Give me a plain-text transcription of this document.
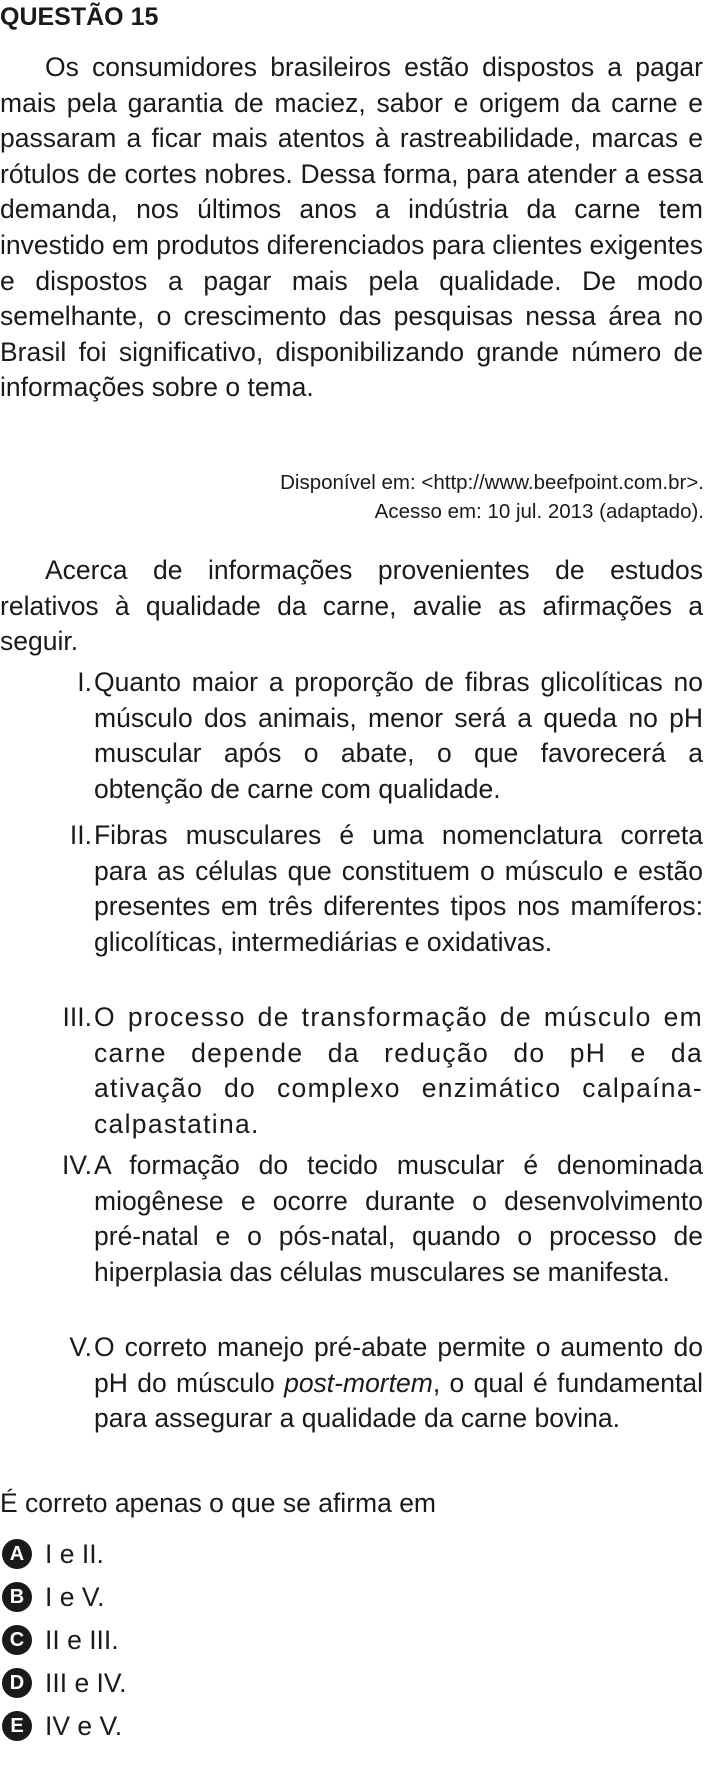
QUESTÃO 15

Os consumidores brasileiros estão dispostos a pagar mais pela garantia de maciez, sabor e origem da carne e passaram a ficar mais atentos à rastreabilidade, marcas e rótulos de cortes nobres. Dessa forma, para atender a essa demanda, nos últimos anos a indústria da carne tem investido em produtos diferenciados para clientes exigentes e dispostos a pagar mais pela qualidade. De modo semelhante, o crescimento das pesquisas nessa área no Brasil foi significativo, disponibilizando grande número de informações sobre o tema.

Disponível em: <http://www.beefpoint.com.br>.
Acesso em: 10 jul. 2013 (adaptado).

Acerca de informações provenientes de estudos relativos à qualidade da carne, avalie as afirmações a seguir.

I. Quanto maior a proporção de fibras glicolíticas no músculo dos animais, menor será a queda no pH muscular após o abate, o que favorecerá a obtenção de carne com qualidade.
II. Fibras musculares é uma nomenclatura correta para as células que constituem o músculo e estão presentes em três diferentes tipos nos mamíferos: glicolíticas, intermediárias e oxidativas.
III. O processo de transformação de músculo em carne depende da redução do pH e da ativação do complexo enzimático calpaína-calpastatina.
IV. A formação do tecido muscular é denominada miogênese e ocorre durante o desenvolvimento pré-natal e o pós-natal, quando o processo de hiperplasia das células musculares se manifesta.
V. O correto manejo pré-abate permite o aumento do pH do músculo post-mortem, o qual é fundamental para assegurar a qualidade da carne bovina.
É correto apenas o que se afirma em
A I e II.
B I e V.
C II e III.
D III e IV.
E IV e V.
